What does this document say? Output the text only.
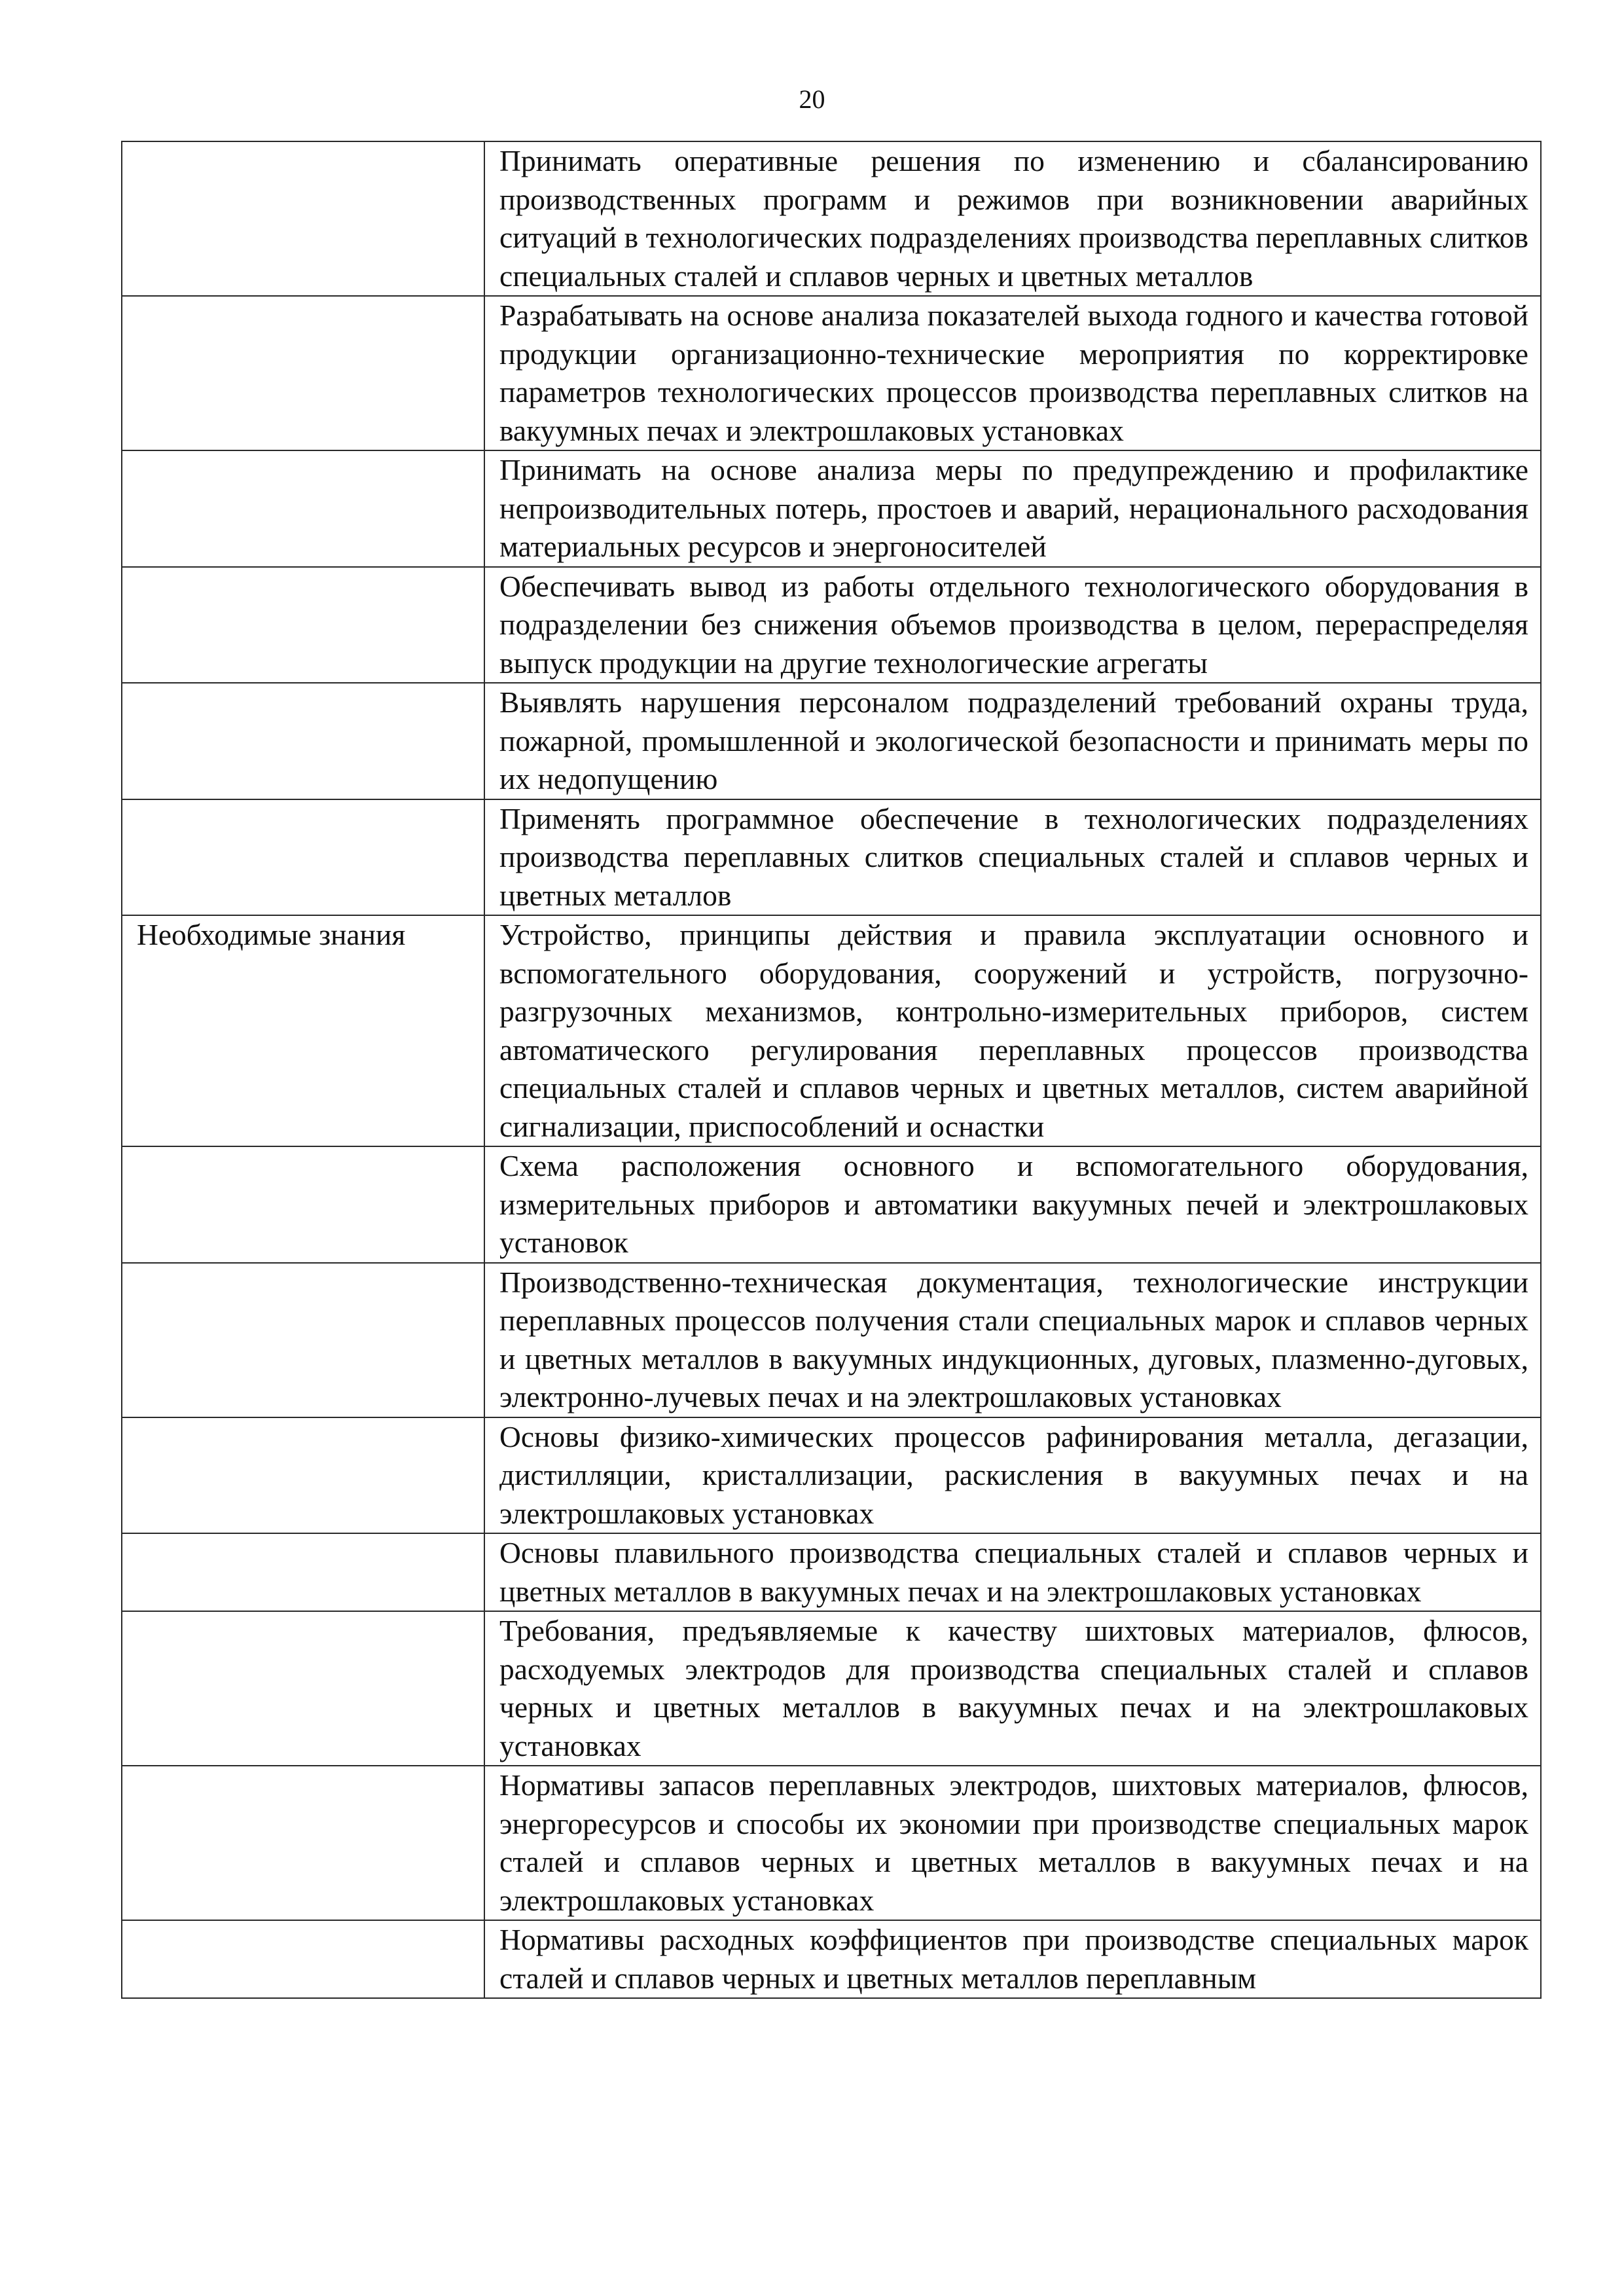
20
	Принимать оперативные решения по изменению и сбалансированию производственных программ и режимов при возникновении аварийных ситуаций в технологических подразделениях производства переплавных слитков специальных сталей и сплавов черных и цветных металлов
	Разрабатывать на основе анализа показателей выхода годного и качества готовой продукции организационно-технические мероприятия по корректировке параметров технологических процессов производства переплавных слитков на вакуумных печах и электрошлаковых установках
	Принимать на основе анализа меры по предупреждению и профилактике непроизводительных потерь, простоев и аварий, нерационального расходования материальных ресурсов и энергоносителей
	Обеспечивать вывод из работы отдельного технологического оборудования в подразделении без снижения объемов производства в целом, перераспределяя выпуск продукции на другие технологические агрегаты
	Выявлять нарушения персоналом подразделений требований охраны труда, пожарной, промышленной и экологической безопасности и принимать меры по их недопущению
	Применять программное обеспечение в технологических подразделениях производства переплавных слитков специальных сталей и сплавов черных и цветных металлов

Необходимые знания	Устройство, принципы действия и правила эксплуатации основного и вспомогательного оборудования, сооружений и устройств, погрузочно-разгрузочных механизмов, контрольно-измерительных приборов, систем автоматического регулирования переплавных процессов производства специальных сталей и сплавов черных и цветных металлов, систем аварийной сигнализации, приспособлений и оснастки
	Схема расположения основного и вспомогательного оборудования, измерительных приборов и автоматики вакуумных печей и электрошлаковых установок
	Производственно-техническая документация, технологические инструкции переплавных процессов получения стали специальных марок и сплавов черных и цветных металлов в вакуумных индукционных, дуговых, плазменно-дуговых, электронно-лучевых печах и на электрошлаковых установках
	Основы физико-химических процессов рафинирования металла, дегазации, дистилляции, кристаллизации, раскисления в вакуумных печах и на электрошлаковых установках
	Основы плавильного производства специальных сталей и сплавов черных и цветных металлов в вакуумных печах и на электрошлаковых установках
	Требования, предъявляемые к качеству шихтовых материалов, флюсов, расходуемых электродов для производства специальных сталей и сплавов черных и цветных металлов в вакуумных печах и на электрошлаковых установках
	Нормативы запасов переплавных электродов, шихтовых материалов, флюсов, энергоресурсов и способы их экономии при производстве специальных марок сталей и сплавов черных и цветных металлов в вакуумных печах и на электрошлаковых установках
	Нормативы расходных коэффициентов при производстве специальных марок сталей и сплавов черных и цветных металлов переплавным
